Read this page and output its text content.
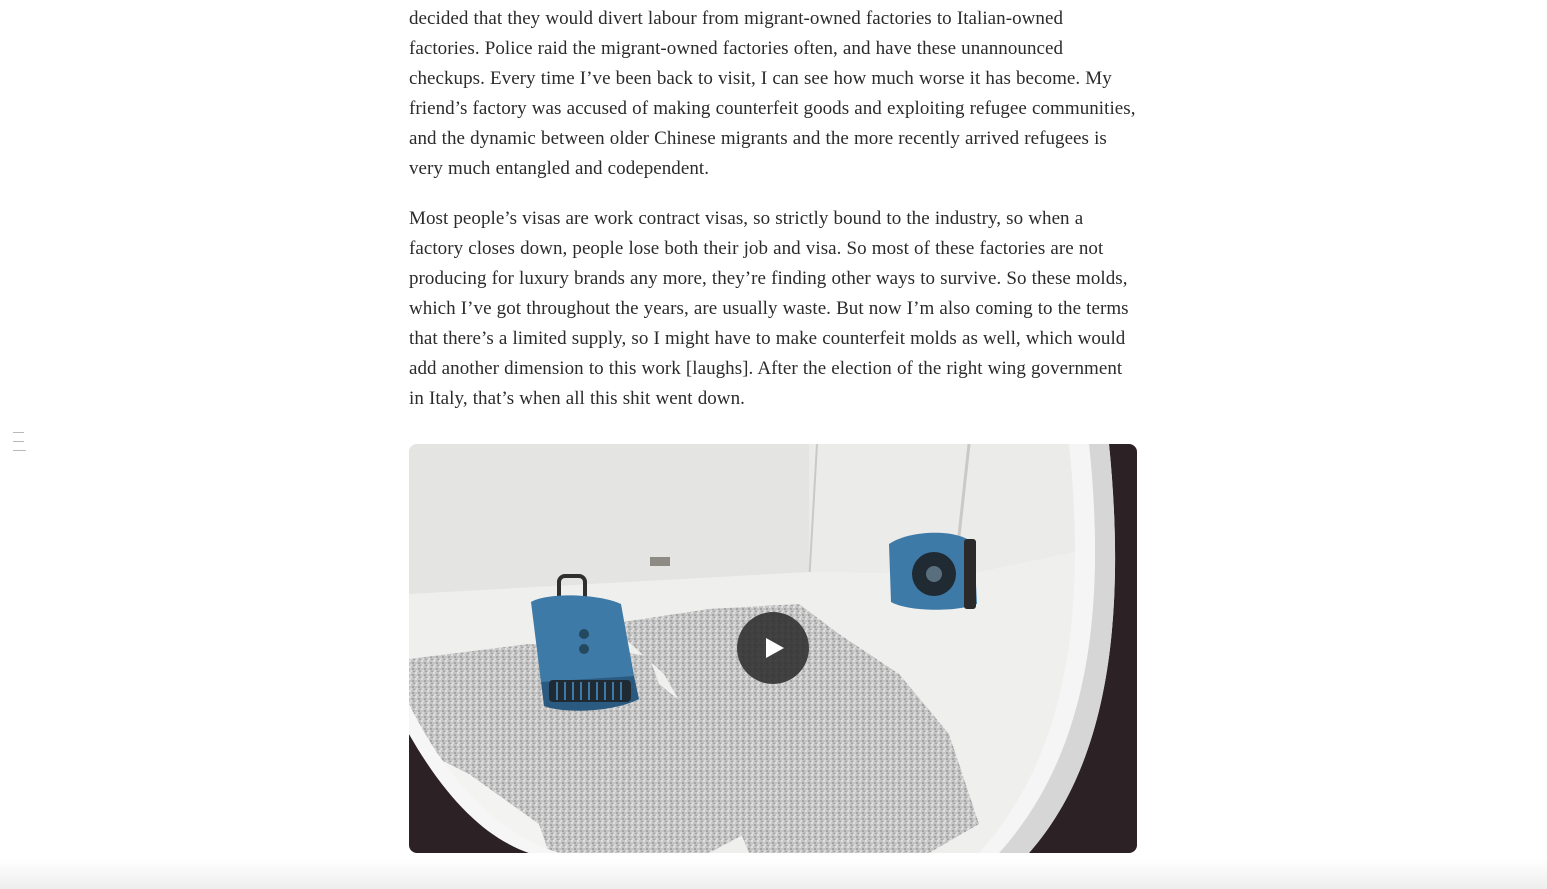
decided that they would divert labour from migrant-owned factories to Italian-owned factories. Police raid the migrant-owned factories often, and have these unannounced checkups. Every time I’ve been back to visit, I can see how much worse it has become. My friend’s factory was accused of making counterfeit goods and exploiting refugee communities, and the dynamic between older Chinese migrants and the more recently arrived refugees is very much entangled and codependent.

Most people’s visas are work contract visas, so strictly bound to the industry, so when a factory closes down, people lose both their job and visa. So most of these factories are not producing for luxury brands any more, they’re finding other ways to survive. So these molds, which I’ve got throughout the years, are usually waste. But now I’m also coming to the terms that there’s a limited supply, so I might have to make counterfeit molds as well, which would add another dimension to this work [laughs]. After the election of the right wing government in Italy, that’s when all this shit went down.
